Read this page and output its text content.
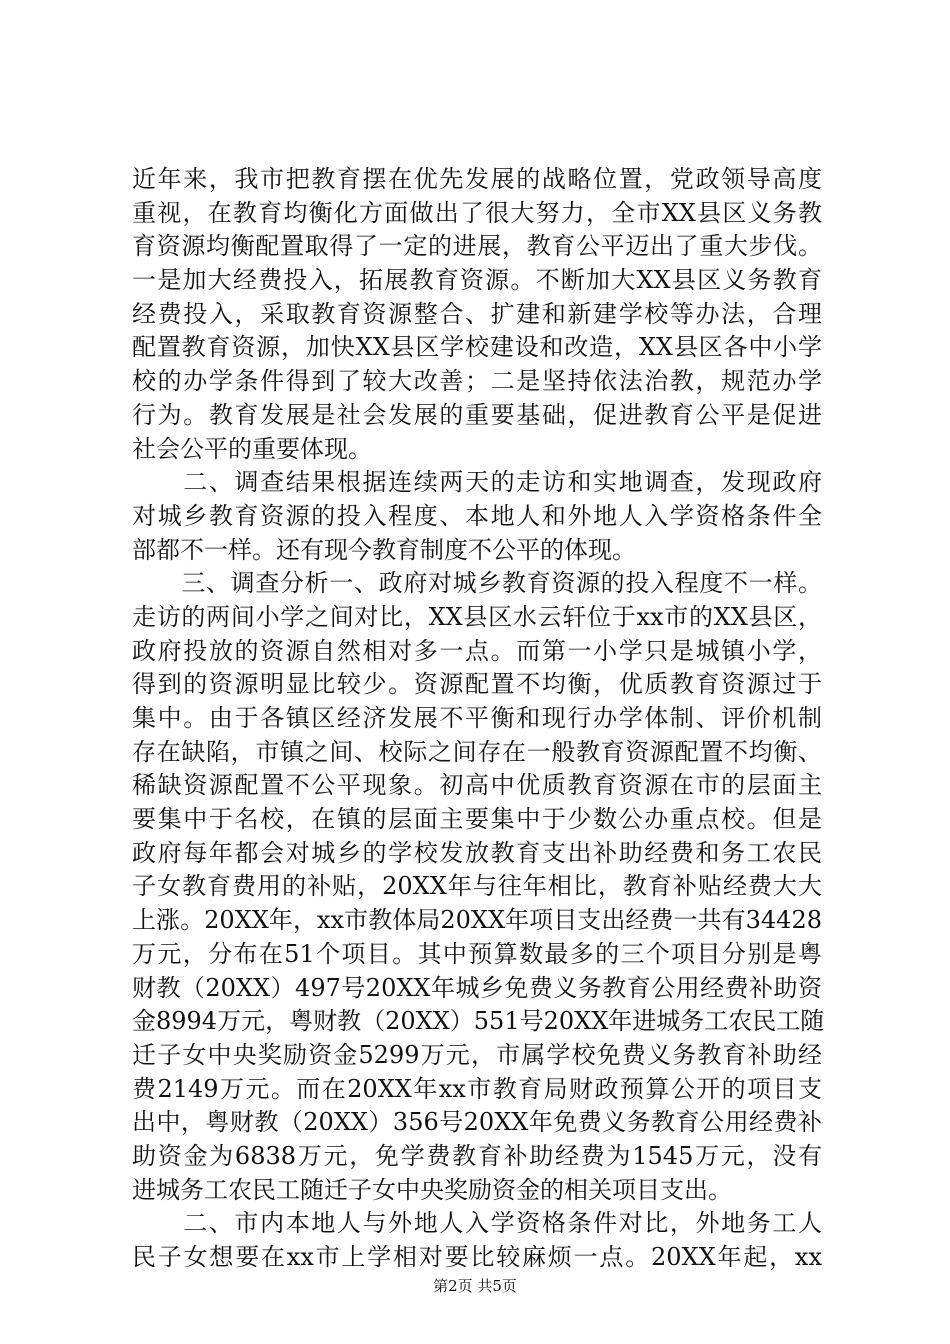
近年来，我市把教育摆在优先发展的战略位置，党政领导高度
重视，在教育均衡化方面做出了很大努力，全市XX县区义务教
育资源均衡配置取得了一定的进展，教育公平迈出了重大步伐。
一是加大经费投入，拓展教育资源。不断加大XX县区义务教育
经费投入，采取教育资源整合、扩建和新建学校等办法，合理
配置教育资源，加快XX县区学校建设和改造，XX县区各中小学
校的办学条件得到了较大改善；二是坚持依法治教，规范办学
行为。教育发展是社会发展的重要基础，促进教育公平是促进
社会公平的重要体现。
　　二、调查结果根据连续两天的走访和实地调查，发现政府
对城乡教育资源的投入程度、本地人和外地人入学资格条件全
部都不一样。还有现今教育制度不公平的体现。
　　三、调查分析一、政府对城乡教育资源的投入程度不一样。
走访的两间小学之间对比，XX县区水云轩位于xx市的XX县区，
政府投放的资源自然相对多一点。而第一小学只是城镇小学，
得到的资源明显比较少。资源配置不均衡，优质教育资源过于
集中。由于各镇区经济发展不平衡和现行办学体制、评价机制
存在缺陷，市镇之间、校际之间存在一般教育资源配置不均衡、
稀缺资源配置不公平现象。初高中优质教育资源在市的层面主
要集中于名校，在镇的层面主要集中于少数公办重点校。但是
政府每年都会对城乡的学校发放教育支出补助经费和务工农民
子女教育费用的补贴，20XX年与往年相比，教育补贴经费大大
上涨。20XX年，xx市教体局20XX年项目支出经费一共有34428
万元，分布在51个项目。其中预算数最多的三个项目分别是粤
财教（20XX）497号20XX年城乡免费义务教育公用经费补助资
金8994万元，粤财教（20XX）551号20XX年进城务工农民工随
迁子女中央奖励资金5299万元，市属学校免费义务教育补助经
费2149万元。而在20XX年xx市教育局财政预算公开的项目支
出中，粤财教（20XX）356号20XX年免费义务教育公用经费补
助资金为6838万元，免学费教育补助经费为1545万元，没有
进城务工农民工随迁子女中央奖励资金的相关项目支出。
　　二、市内本地人与外地人入学资格条件对比，外地务工人
民子女想要在xx市上学相对要比较麻烦一点。20XX年起，xx
第2页 共5页
